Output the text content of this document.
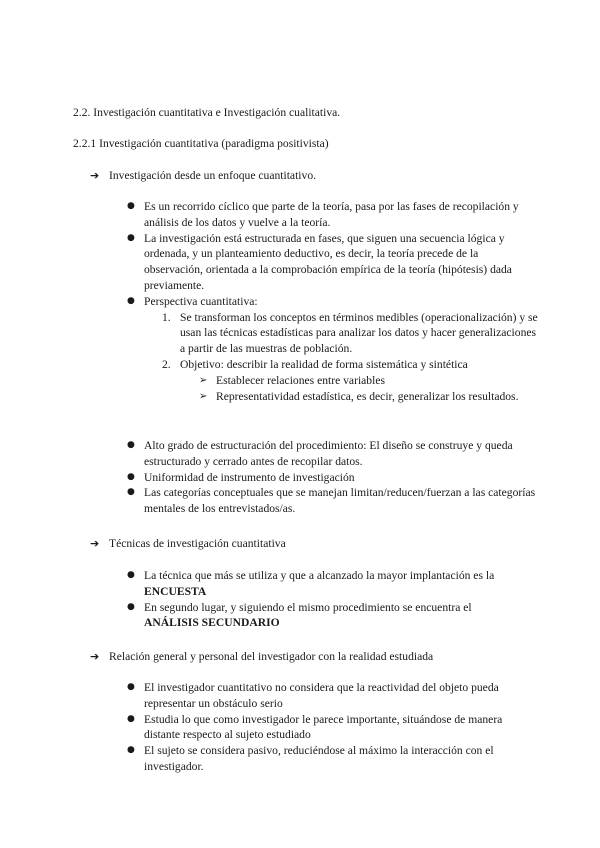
2.2. Investigación cuantitativa e Investigación cualitativa.
2.2.1 Investigación cuantitativa (paradigma positivista)
➔ Investigación desde un enfoque cuantitativo.
● Es un recorrido cíclico que parte de la teoría, pasa por las fases de recopilación y análisis de los datos y vuelve a la teoría.
● La investigación está estructurada en fases, que siguen una secuencia lógica y ordenada, y un planteamiento deductivo, es decir, la teoría precede de la observación, orientada a la comprobación empírica de la teoría (hipótesis) dada previamente.
● Perspectiva cuantitativa:
1. Se transforman los conceptos en términos medibles (operacionalización) y se usan las técnicas estadísticas para analizar los datos y hacer generalizaciones a partir de las muestras de población.
2. Objetivo: describir la realidad de forma sistemática y sintética
➢ Establecer relaciones entre variables
➢ Representatividad estadística, es decir, generalizar los resultados.
● Alto grado de estructuración del procedimiento: El diseño se construye y queda estructurado y cerrado antes de recopilar datos.
● Uniformidad de instrumento de investigación
● Las categorías conceptuales que se manejan limitan/reducen/fuerzan a las categorías mentales de los entrevistados/as.
➔ Técnicas de investigación cuantitativa
● La técnica que más se utiliza y que a alcanzado la mayor implantación es la
ENCUESTA
● En segundo lugar, y siguiendo el mismo procedimiento se encuentra el
ANÁLISIS SECUNDARIO
➔ Relación general y personal del investigador con la realidad estudiada
● El investigador cuantitativo no considera que la reactividad del objeto pueda representar un obstáculo serio
● Estudia lo que como investigador le parece importante, situándose de manera distante respecto al sujeto estudiado
● El sujeto se considera pasivo, reduciéndose al máximo la interacción con el investigador.
